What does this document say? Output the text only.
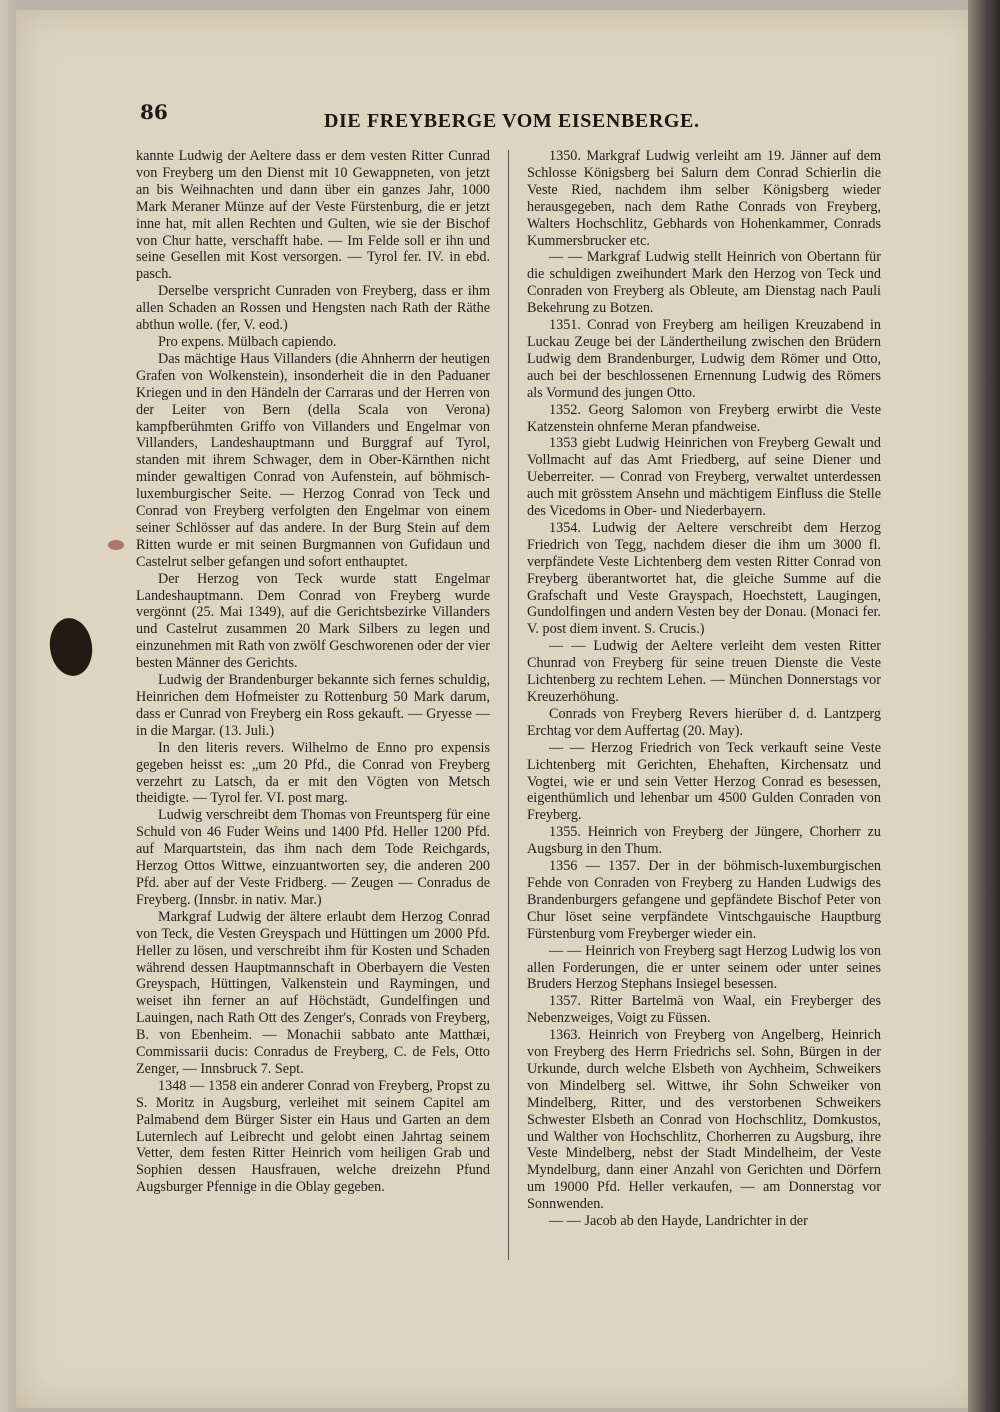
86	DIE FREYBERGE VOM EISENBERGE.

kannte Ludwig der Aeltere dass er dem vesten Ritter Cunrad von Freyberg um den Dienst mit 10 Gewappneten, von jetzt an bis Weihnachten und dann über ein ganzes Jahr, 1000 Mark Meraner Münze auf der Veste Fürstenburg, die er jetzt inne hat, mit allen Rechten und Gulten, wie sie der Bischof von Chur hatte, verschafft habe. — Im Felde soll er ihn und seine Gesellen mit Kost versorgen. — Tyrol fer. IV. in ebd. pasch.

Derselbe verspricht Cunraden von Freyberg, dass er ihm allen Schaden an Rossen und Hengsten nach Rath der Räthe abthun wolle. (fer, V. eod.)

Pro expens. Mülbach capiendo.

Das mächtige Haus Villanders (die Ahnherrn der heutigen Grafen von Wolkenstein), insonderheit die in den Paduaner Kriegen und in den Händeln der Carraras und der Herren von der Leiter von Bern (della Scala von Verona) kampfberühmten Griffo von Villanders und Engelmar von Villanders, Landeshauptmann und Burggraf auf Tyrol, standen mit ihrem Schwager, dem in Ober-Kärnthen nicht minder gewaltigen Conrad von Aufenstein, auf böhmisch-luxemburgischer Seite. — Herzog Conrad von Teck und Conrad von Freyberg verfolgten den Engelmar von einem seiner Schlösser auf das andere. In der Burg Stein auf dem Ritten wurde er mit seinen Burgmannen von Gufidaun und Castelrut selber gefangen und sofort enthauptet.

Der Herzog von Teck wurde statt Engelmar Landeshauptmann. Dem Conrad von Freyberg wurde vergönnt (25. Mai 1349), auf die Gerichtsbezirke Villanders und Castelrut zusammen 20 Mark Silbers zu legen und einzunehmen mit Rath von zwölf Geschworenen oder der vier besten Männer des Gerichts.

Ludwig der Brandenburger bekannte sich fernes schuldig, Heinrichen dem Hofmeister zu Rottenburg 50 Mark darum, dass er Cunrad von Freyberg ein Ross gekauft. — Gryesse — in die Margar. (13. Juli.)

In den literis revers. Wilhelmo de Enno pro expensis gegeben heisst es: „um 20 Pfd., die Conrad von Freyberg verzehrt zu Latsch, da er mit den Vögten von Metsch theidigte. — Tyrol fer. VI. post marg.

Ludwig verschreibt dem Thomas von Freuntsperg für eine Schuld von 46 Fuder Weins und 1400 Pfd. Heller 1200 Pfd. auf Marquartstein, das ihm nach dem Tode Reichgards, Herzog Ottos Wittwe, einzuantworten sey, die anderen 200 Pfd. aber auf der Veste Fridberg. — Zeugen — Conradus de Freyberg. (Innsbr. in nativ. Mar.)

Markgraf Ludwig der ältere erlaubt dem Herzog Conrad von Teck, die Vesten Greyspach und Hüttingen um 2000 Pfd. Heller zu lösen, und verschreibt ihm für Kosten und Schaden während dessen Hauptmannschaft in Oberbayern die Vesten Greyspach, Hüttingen, Valkenstein und Raymingen, und weiset ihn ferner an auf Höchstädt, Gundelfingen und Lauingen, nach Rath Ott des Zenger's, Conrads von Freyberg, B. von Ebenheim. — Monachii sabbato ante Matthæi, Commissarii ducis: Conradus de Freyberg, C. de Fels, Otto Zenger, — Innsbruck 7. Sept.

1348 — 1358 ein anderer Conrad von Freyberg, Propst zu S. Moritz in Augsburg, verleihet mit seinem Capitel am Palmabend dem Bürger Sister ein Haus und Garten an dem Luternlech auf Leibrecht und gelobt einen Jahrtag seinem Vetter, dem festen Ritter Heinrich vom heiligen Grab und Sophien dessen Hausfrauen, welche dreizehn Pfund Augsburger Pfennige in die Oblay gegeben.

1350. Markgraf Ludwig verleiht am 19. Jänner auf dem Schlosse Königsberg bei Salurn dem Conrad Schierlin die Veste Ried, nachdem ihm selber Königsberg wieder herausgegeben, nach dem Rathe Conrads von Freyberg, Walters Hochschlitz, Gebhards von Hohenkammer, Conrads Kummersbrucker etc.

— — Markgraf Ludwig stellt Heinrich von Obertann für die schuldigen zweihundert Mark den Herzog von Teck und Conraden von Freyberg als Obleute, am Dienstag nach Pauli Bekehrung zu Botzen.

1351. Conrad von Freyberg am heiligen Kreuzabend in Luckau Zeuge bei der Ländertheilung zwischen den Brüdern Ludwig dem Brandenburger, Ludwig dem Römer und Otto, auch bei der beschlossenen Ernennung Ludwig des Römers als Vormund des jungen Otto.

1352. Georg Salomon von Freyberg erwirbt die Veste Katzenstein ohnferne Meran pfandweise.

1353 giebt Ludwig Heinrichen von Freyberg Gewalt und Vollmacht auf das Amt Friedberg, auf seine Diener und Ueberreiter. — Conrad von Freyberg, verwaltet unterdessen auch mit grösstem Ansehn und mächtigem Einfluss die Stelle des Vicedoms in Ober- und Niederbayern.

1354. Ludwig der Aeltere verschreibt dem Herzog Friedrich von Tegg, nachdem dieser die ihm um 3000 fl. verpfändete Veste Lichtenberg dem vesten Ritter Conrad von Freyberg überantwortet hat, die gleiche Summe auf die Grafschaft und Veste Grayspach, Hoechstett, Laugingen, Gundolfingen und andern Vesten bey der Donau. (Monaci fer. V. post diem invent. S. Crucis.)

— — Ludwig der Aeltere verleiht dem vesten Ritter Chunrad von Freyberg für seine treuen Dienste die Veste Lichtenberg zu rechtem Lehen. — München Donnerstags vor Kreuzerhöhung.

Conrads von Freyberg Revers hierüber d. d. Lantzperg Erchtag vor dem Auffertag (20. May).

— — Herzog Friedrich von Teck verkauft seine Veste Lichtenberg mit Gerichten, Ehehaften, Kirchensatz und Vogtei, wie er und sein Vetter Herzog Conrad es besessen, eigenthümlich und lehenbar um 4500 Gulden Conraden von Freyberg.

1355. Heinrich von Freyberg der Jüngere, Chorherr zu Augsburg in den Thum.

1356 — 1357. Der in der böhmisch-luxemburgischen Fehde von Conraden von Freyberg zu Handen Ludwigs des Brandenburgers gefangene und gepfändete Bischof Peter von Chur löset seine verpfändete Vintschgauische Hauptburg Fürstenburg vom Freyberger wieder ein.

— — Heinrich von Freyberg sagt Herzog Ludwig los von allen Forderungen, die er unter seinem oder unter seines Bruders Herzog Stephans Insiegel besessen.

1357. Ritter Bartelmä von Waal, ein Freyberger des Nebenzweiges, Voigt zu Füssen.

1363. Heinrich von Freyberg von Angelberg, Heinrich von Freyberg des Herrn Friedrichs sel. Sohn, Bürgen in der Urkunde, durch welche Elsbeth von Aychheim, Schweikers von Mindelberg sel. Wittwe, ihr Sohn Schweiker von Mindelberg, Ritter, und des verstorbenen Schweikers Schwester Elsbeth an Conrad von Hochschlitz, Domkustos, und Walther von Hochschlitz, Chorherren zu Augsburg, ihre Veste Mindelberg, nebst der Stadt Mindelheim, der Veste Myndelburg, dann einer Anzahl von Gerichten und Dörfern um 19000 Pfd. Heller verkaufen, — am Donnerstag vor Sonnwenden.

— — Jacob ab den Hayde, Landrichter in der
